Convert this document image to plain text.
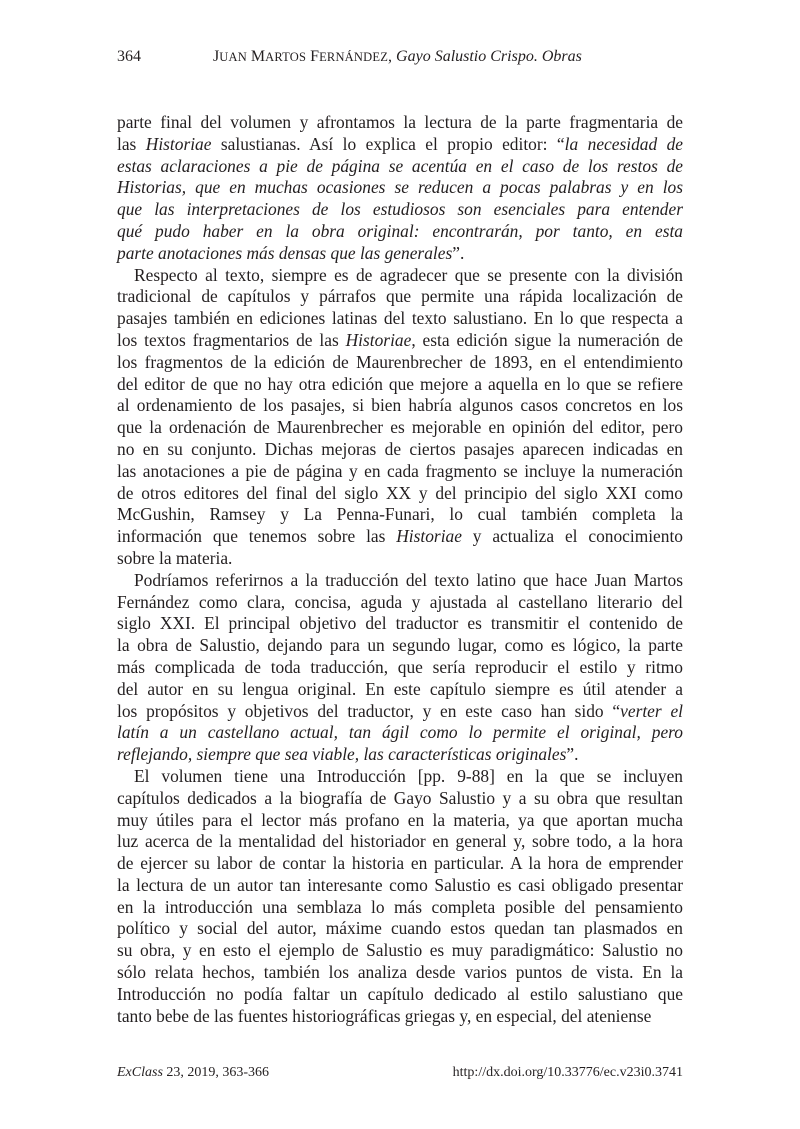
364	JUAN MARTOS FERNÁNDEZ, Gayo Salustio Crispo. Obras
parte final del volumen y afrontamos la lectura de la parte fragmentaria de
las Historiae salustianas. Así lo explica el propio editor: “la necesidad de
estas aclaraciones a pie de página se acentúa en el caso de los restos de
Historias, que en muchas ocasiones se reducen a pocas palabras y en los
que las interpretaciones de los estudiosos son esenciales para entender
qué pudo haber en la obra original: encontrarán, por tanto, en esta
parte anotaciones más densas que las generales”.
Respecto al texto, siempre es de agradecer que se presente con la división
tradicional de capítulos y párrafos que permite una rápida localización de
pasajes también en ediciones latinas del texto salustiano. En lo que respecta a
los textos fragmentarios de las Historiae, esta edición sigue la numeración de
los fragmentos de la edición de Maurenbrecher de 1893, en el entendimiento
del editor de que no hay otra edición que mejore a aquella en lo que se refiere
al ordenamiento de los pasajes, si bien habría algunos casos concretos en los
que la ordenación de Maurenbrecher es mejorable en opinión del editor, pero
no en su conjunto. Dichas mejoras de ciertos pasajes aparecen indicadas en
las anotaciones a pie de página y en cada fragmento se incluye la numeración
de otros editores del final del siglo XX y del principio del siglo XXI como
McGushin, Ramsey y La Penna-Funari, lo cual también completa la
información que tenemos sobre las Historiae y actualiza el conocimiento
sobre la materia.
Podríamos referirnos a la traducción del texto latino que hace Juan Martos
Fernández como clara, concisa, aguda y ajustada al castellano literario del
siglo XXI. El principal objetivo del traductor es transmitir el contenido de
la obra de Salustio, dejando para un segundo lugar, como es lógico, la parte
más complicada de toda traducción, que sería reproducir el estilo y ritmo
del autor en su lengua original. En este capítulo siempre es útil atender a
los propósitos y objetivos del traductor, y en este caso han sido “verter el
latín a un castellano actual, tan ágil como lo permite el original, pero
reflejando, siempre que sea viable, las características originales”.
El volumen tiene una Introducción [pp. 9-88] en la que se incluyen
capítulos dedicados a la biografía de Gayo Salustio y a su obra que resultan
muy útiles para el lector más profano en la materia, ya que aportan mucha
luz acerca de la mentalidad del historiador en general y, sobre todo, a la hora
de ejercer su labor de contar la historia en particular. A la hora de emprender
la lectura de un autor tan interesante como Salustio es casi obligado presentar
en la introducción una semblaza lo más completa posible del pensamiento
político y social del autor, máxime cuando estos quedan tan plasmados en
su obra, y en esto el ejemplo de Salustio es muy paradigmático: Salustio no
sólo relata hechos, también los analiza desde varios puntos de vista. En la
Introducción no podía faltar un capítulo dedicado al estilo salustiano que
tanto bebe de las fuentes historiográficas griegas y, en especial, del ateniense
ExClass 23, 2019, 363-366	http://dx.doi.org/10.33776/ec.v23i0.3741
